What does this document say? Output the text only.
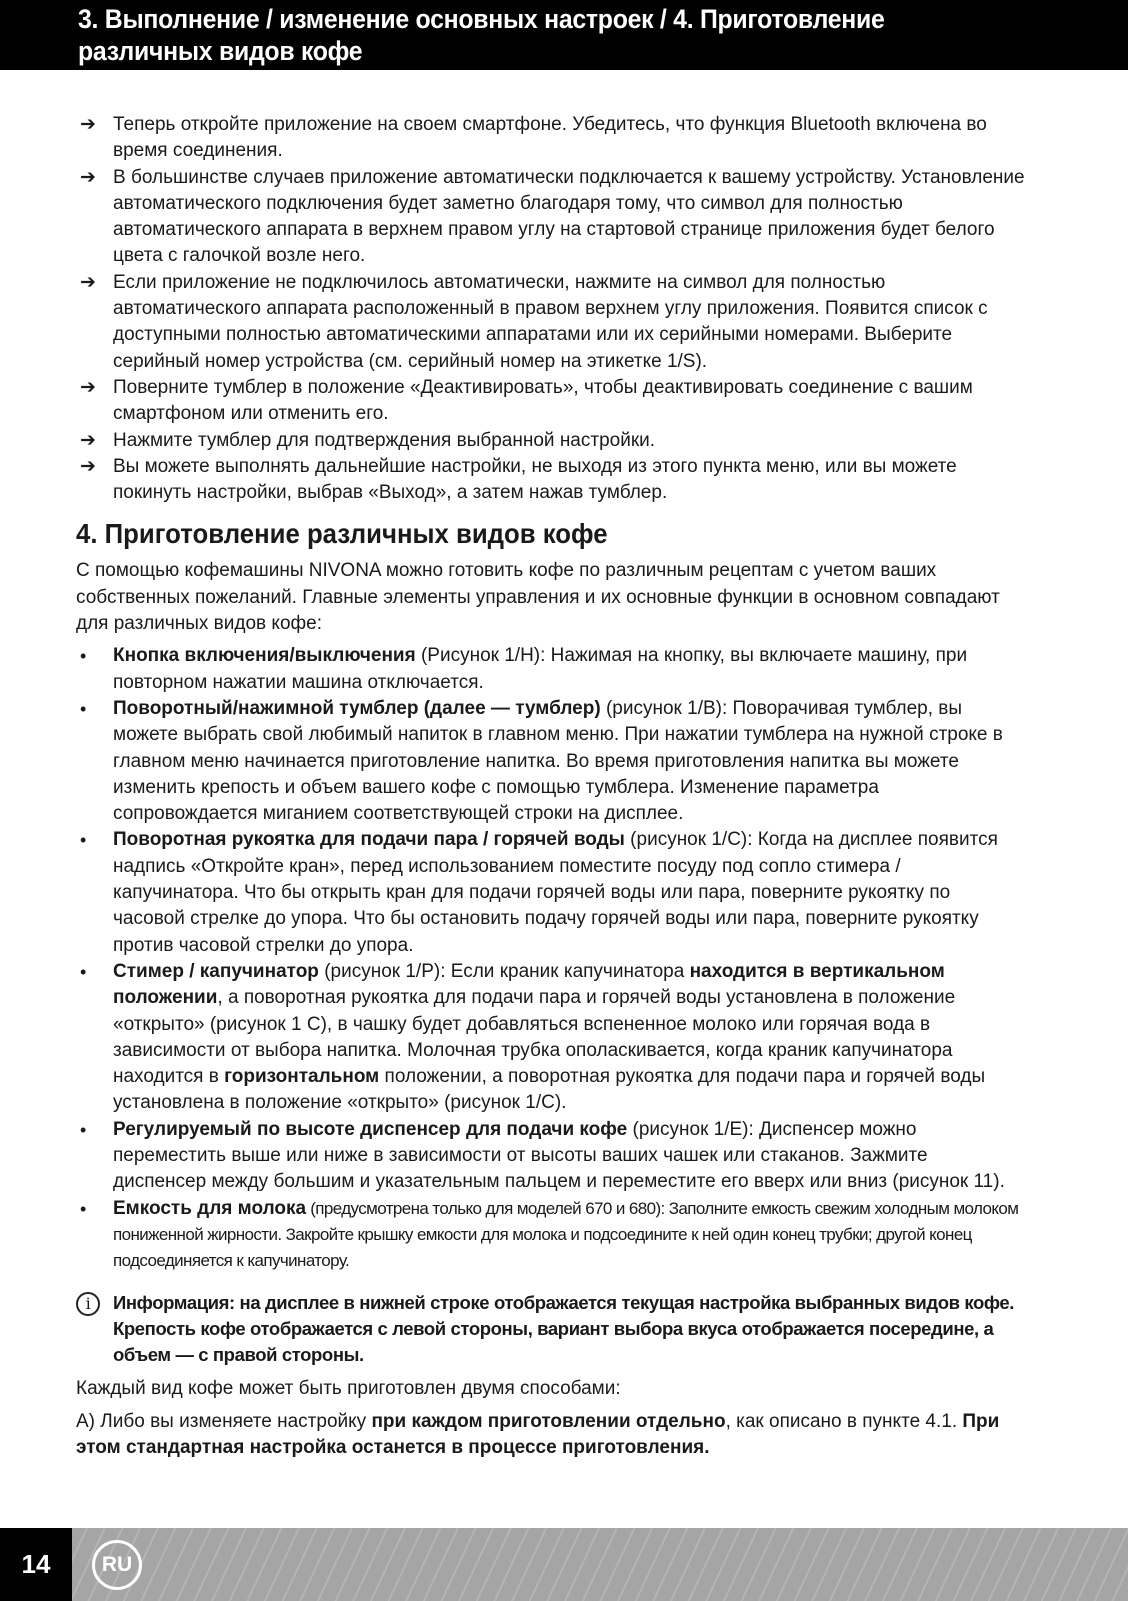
3. Выполнение / изменение основных настроек / 4. Приготовление
различных видов кофе
➔ Теперь откройте приложение на своем смартфоне. Убедитесь, что функция Bluetooth включена во время соединения.
➔ В большинстве случаев приложение автоматически подключается к вашему устройству. Установление автоматического подключения будет заметно благодаря тому, что символ для полностью автоматического аппарата в верхнем правом углу на стартовой странице приложения будет белого цвета с галочкой возле него.
➔ Если приложение не подключилось автоматически, нажмите на символ для полностью автоматического аппарата расположенный в правом верхнем углу приложения. Появится список с доступными полностью автоматическими аппаратами или их серийными номерами. Выберите серийный номер устройства (см. серийный номер на этикетке 1/S).
➔ Поверните тумблер в положение «Деактивировать», чтобы деактивировать соединение с вашим смартфоном или отменить его.
➔ Нажмите тумблер для подтверждения выбранной настройки.
➔ Вы можете выполнять дальнейшие настройки, не выходя из этого пункта меню, или вы можете покинуть настройки, выбрав «Выход», а затем нажав тумблер.
4. Приготовление различных видов кофе

С помощью кофемашины NIVONA можно готовить кофе по различным рецептам с учетом ваших собственных пожеланий. Главные элементы управления и их основные функции в основном совпадают для различных видов кофе:

• Кнопка включения/выключения (Рисунок 1/H): Нажимая на кнопку, вы включаете машину, при повторном нажатии машина отключается.
• Поворотный/нажимной тумблер (далее — тумблер) (рисунок 1/B): Поворачивая тумблер, вы можете выбрать свой любимый напиток в главном меню. При нажатии тумблера на нужной строке в главном меню начинается приготовление напитка. Во время приготовления напитка вы можете изменить крепость и объем вашего кофе с помощью тумблера. Изменение параметра сопровождается миганием соответствующей строки на дисплее.
• Поворотная рукоятка для подачи пара / горячей воды (рисунок 1/C): Когда на дисплее появится надпись «Откройте кран», перед использованием поместите посуду под сопло стимера / капучинатора. Что бы открыть кран для подачи горячей воды или пара, поверните рукоятку по часовой стрелке до упора. Что бы остановить подачу горячей воды или пара, поверните рукоятку против часовой стрелки до упора.
• Стимер / капучинатор (рисунок 1/P): Если краник капучинатора находится в вертикальном положении, а поворотная рукоятка для подачи пара и горячей воды установлена в положение «открыто» (рисунок 1 C), в чашку будет добавляться вспененное молоко или горячая вода в зависимости от выбора напитка. Молочная трубка ополаскивается, когда краник капучинатора находится в горизонтальном положении, а поворотная рукоятка для подачи пара и горячей воды установлена в положение «открыто» (рисунок 1/C).
• Регулируемый по высоте диспенсер для подачи кофе (рисунок 1/E): Диспенсер можно переместить выше или ниже в зависимости от высоты ваших чашек или стаканов. Зажмите диспенсер между большим и указательным пальцем и переместите его вверх или вниз (рисунок 11).
• Емкость для молока (предусмотрена только для моделей 670 и 680): Заполните емкость свежим холодным молоком пониженной жирности. Закройте крышку емкости для молока и подсоедините к ней один конец трубки; другой конец подсоединяется к капучинатору.
i	Информация: на дисплее в нижней строке отображается текущая настройка выбранных видов кофе. Крепость кофе отображается с левой стороны, вариант выбора вкуса отображается посередине, а объем — с правой стороны.

Каждый вид кофе может быть приготовлен двумя способами:

А) Либо вы изменяете настройку при каждом приготовлении отдельно, как описано в пункте 4.1. При этом стандартная настройка останется в процессе приготовления.

14	RU
